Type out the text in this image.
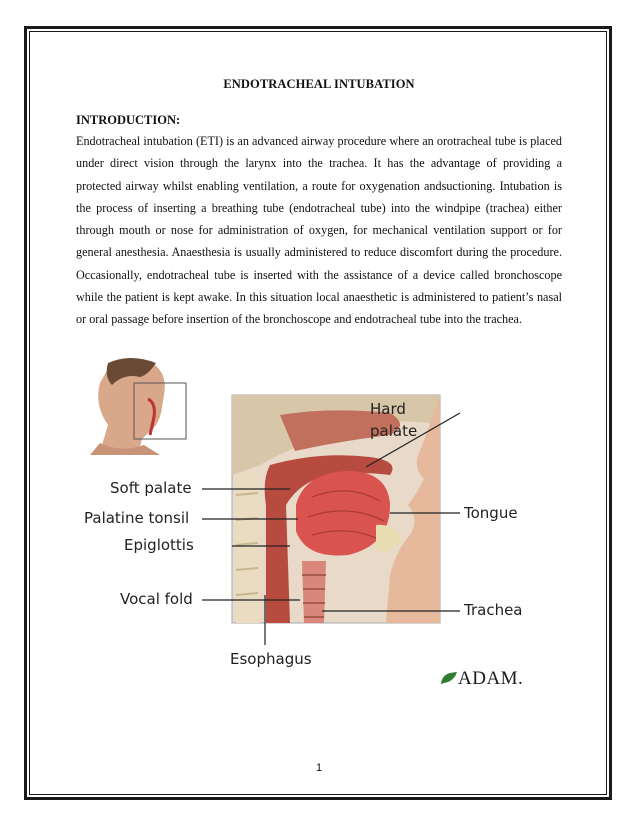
ENDOTRACHEAL INTUBATION
INTRODUCTION:

Endotracheal intubation (ETI) is an advanced airway procedure where an orotracheal tube is placed under direct vision through the larynx into the trachea. It has the advantage of providing a protected airway whilst enabling ventilation, a route for oxygenation andsuctioning. Intubation is the process of inserting a breathing tube (endotracheal tube) into the windpipe (trachea) either through mouth or nose for administration of oxygen, for mechanical ventilation support or for general anesthesia. Anaesthesia is usually administered to reduce discomfort during the procedure. Occasionally, endotracheal tube is inserted with the assistance of a device called bronchoscope while the patient is kept awake. In this situation local anaesthetic is administered to patient’s nasal or oral passage before insertion of the bronchoscope and endotracheal tube into the trachea.

Hard
palate
Soft palate
Palatine tonsil
Epiglottis
Vocal fold
Esophagus
Tongue
Trachea
ADAM.
1
